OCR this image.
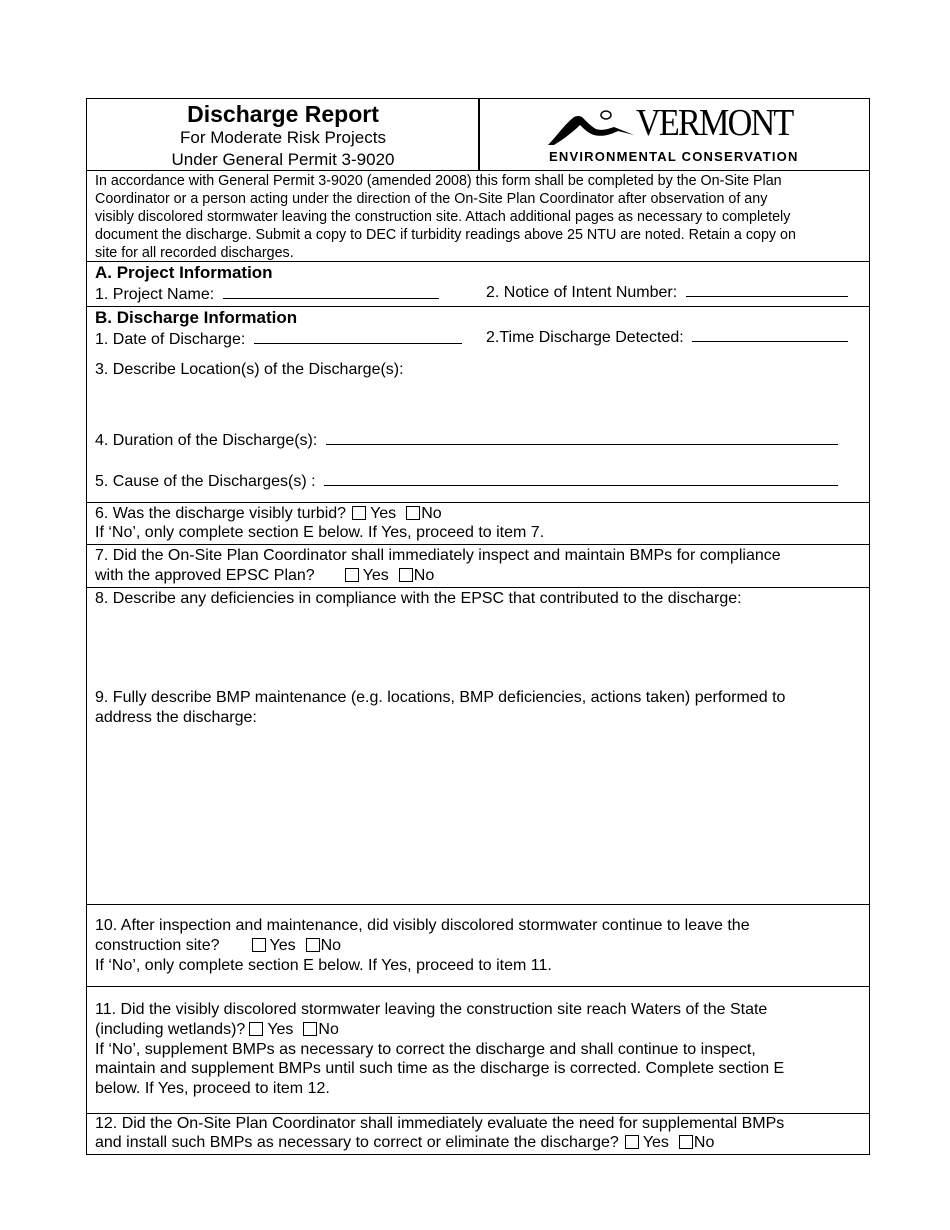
Discharge Report
For Moderate Risk Projects
Under General Permit 3-9020
VERMONT
ENVIRONMENTAL CONSERVATION
In accordance with General Permit 3-9020 (amended 2008) this form shall be completed by the On-Site Plan
Coordinator or a person acting under the direction of the On-Site Plan Coordinator after observation of any
visibly discolored stormwater leaving the construction site. Attach additional pages as necessary to completely
document the discharge. Submit a copy to DEC if turbidity readings above 25 NTU are noted. Retain a copy on
site for all recorded discharges.
A. Project Information
1. Project Name:	2. Notice of Intent Number:
B. Discharge Information
1. Date of Discharge:	2.Time Discharge Detected:
3. Describe Location(s) of the Discharge(s):
4. Duration of the Discharge(s):
5. Cause of the Discharges(s) :
6. Was the discharge visibly turbid? Yes No
If ‘No’, only complete section E below. If Yes, proceed to item 7.
7. Did the On-Site Plan Coordinator shall immediately inspect and maintain BMPs for compliance
with the approved EPSC Plan?	Yes No
8. Describe any deficiencies in compliance with the EPSC that contributed to the discharge:
9. Fully describe BMP maintenance (e.g. locations, BMP deficiencies, actions taken) performed to
address the discharge:
10. After inspection and maintenance, did visibly discolored stormwater continue to leave the
construction site?	Yes No
If ‘No’, only complete section E below. If Yes, proceed to item 11.
11. Did the visibly discolored stormwater leaving the construction site reach Waters of the State
(including wetlands)? Yes No
If ‘No’, supplement BMPs as necessary to correct the discharge and shall continue to inspect,
maintain and supplement BMPs until such time as the discharge is corrected. Complete section E
below. If Yes, proceed to item 12.
12. Did the On-Site Plan Coordinator shall immediately evaluate the need for supplemental BMPs
and install such BMPs as necessary to correct or eliminate the discharge? Yes No
